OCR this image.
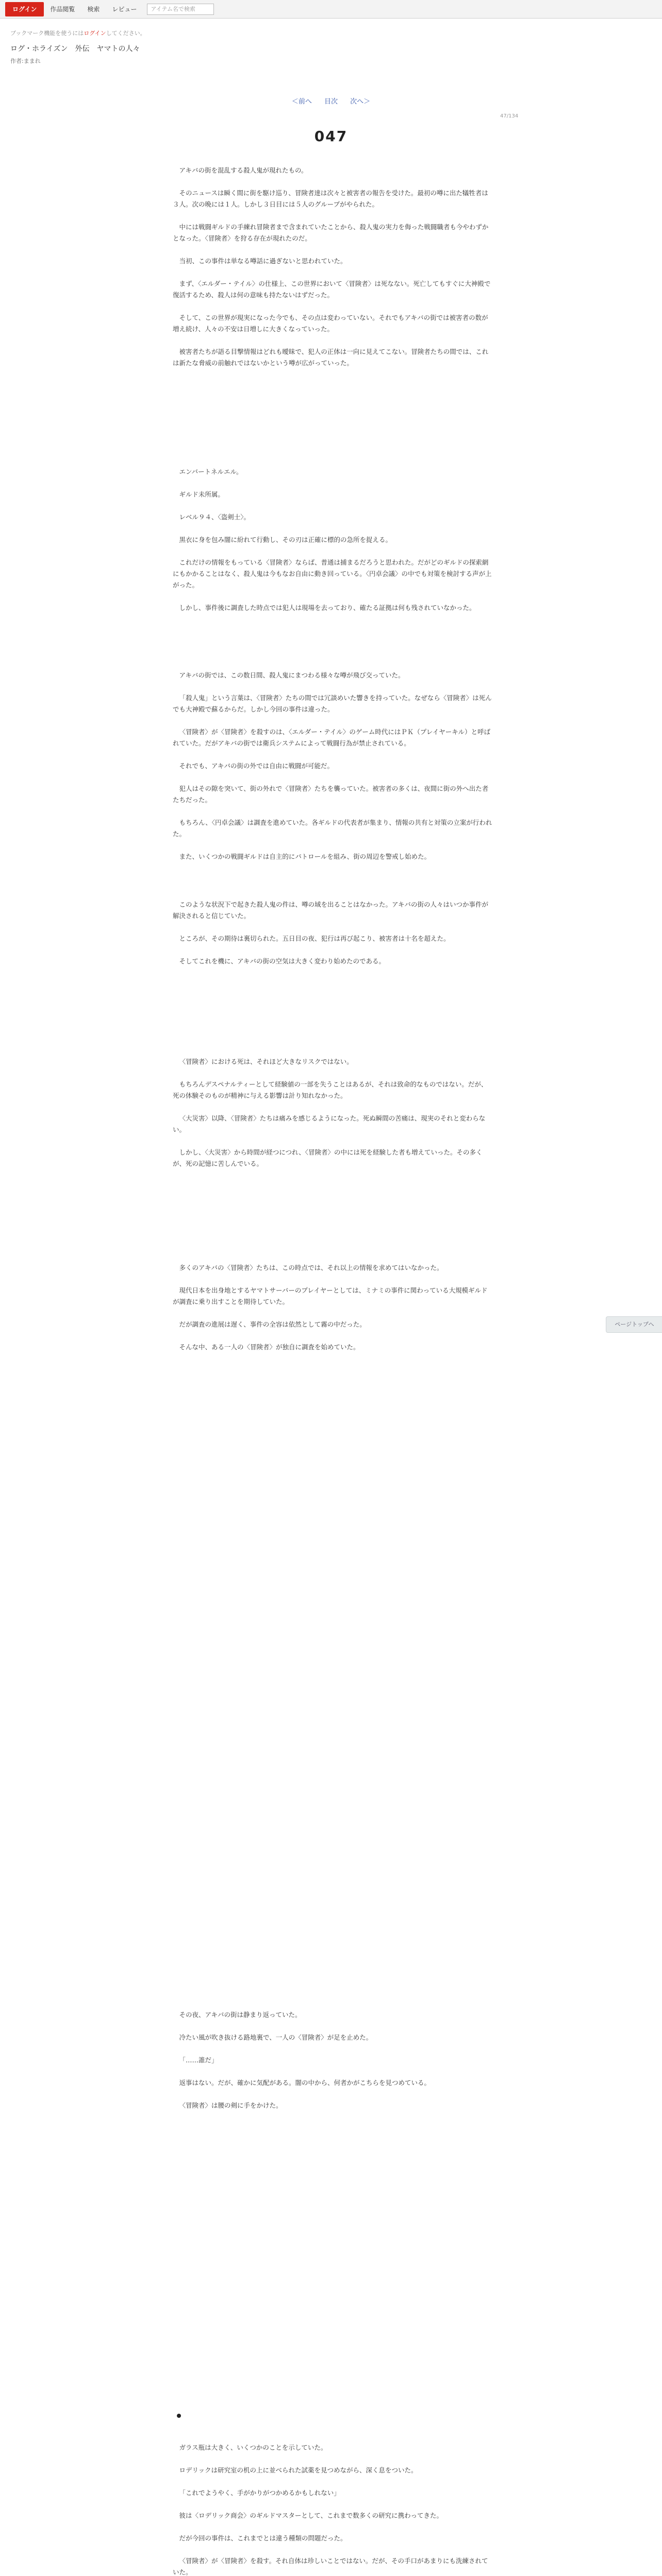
ログイン	作品閲覧	検索	レビュー	アイテム名で検索
ブックマーク機能を使うにはログインしてください。
ログ・ホライズン　外伝　ヤマトの人々
作者:ままれ
＜前へ 目次 次へ＞
47/134
047

アキバの街を混乱する殺人鬼が現れたもの。

そのニュースは瞬く間に街を駆け巡り、冒険者達は次々と被害者の報告を受けた。最初の噂に出た犠牲者は３人。次の晩には１人。しかし３日目には５人のグループがやられた。

中には戦闘ギルドの手練れ冒険者まで含まれていたことから、殺人鬼の実力を侮った戦闘職者も今やわずかとなった。〈冒険者〉を狩る存在が現れたのだ。

当初、この事件は単なる噂話に過ぎないと思われていた。

まず、〈エルダー・テイル〉の仕様上、この世界において〈冒険者〉は死なない。死亡してもすぐに大神殿で復活するため、殺人は何の意味も持たないはずだった。

そして、この世界が現実になった今でも、その点は変わっていない。それでもアキバの街では被害者の数が増え続け、人々の不安は日増しに大きくなっていった。

被害者たちが語る目撃情報はどれも曖昧で、犯人の正体は一向に見えてこない。冒険者たちの間では、これは新たな脅威の前触れではないかという噂が広がっていった。

エンバートネルエル。

ギルド未所属。

レベル９４、〈盗剣士〉。

黒衣に身を包み闇に紛れて行動し、その刃は正確に標的の急所を捉える。

これだけの情報をもっている〈冒険者〉ならば、普通は捕まるだろうと思われた。だがどのギルドの探索網にもかかることはなく、殺人鬼は今もなお自由に動き回っている。〈円卓会議〉の中でも対策を検討する声が上がった。

しかし、事件後に調査した時点では犯人は現場を去っており、確たる証拠は何も残されていなかった。

アキバの街では、この数日間、殺人鬼にまつわる様々な噂が飛び交っていた。

「殺人鬼」という言葉は、〈冒険者〉たちの間では冗談めいた響きを持っていた。なぜなら〈冒険者〉は死んでも大神殿で蘇るからだ。しかし今回の事件は違った。

〈冒険者〉が〈冒険者〉を殺すのは、〈エルダー・テイル〉のゲーム時代にはＰＫ（プレイヤーキル）と呼ばれていた。だがアキバの街では衛兵システムによって戦闘行為が禁止されている。

それでも、アキバの街の外では自由に戦闘が可能だ。

犯人はその隙を突いて、街の外れで〈冒険者〉たちを襲っていた。被害者の多くは、夜間に街の外へ出た者たちだった。

もちろん、〈円卓会議〉は調査を進めていた。各ギルドの代表者が集まり、情報の共有と対策の立案が行われた。

また、いくつかの戦闘ギルドは自主的にパトロールを組み、街の周辺を警戒し始めた。

このような状況下で起きた殺人鬼の件は、噂の域を出ることはなかった。アキバの街の人々はいつか事件が解決されると信じていた。

ところが、その期待は裏切られた。五日目の夜、犯行は再び起こり、被害者は十名を超えた。

そしてこれを機に、アキバの街の空気は大きく変わり始めたのである。

〈冒険者〉における死は、それほど大きなリスクではない。

もちろんデスペナルティーとして経験値の一部を失うことはあるが、それは致命的なものではない。だが、死の体験そのものが精神に与える影響は計り知れなかった。

〈大災害〉以降、〈冒険者〉たちは痛みを感じるようになった。死ぬ瞬間の苦痛は、現実のそれと変わらない。

しかし、〈大災害〉から時間が経つにつれ、〈冒険者〉の中には死を経験した者も増えていった。その多くが、死の記憶に苦しんでいる。

多くのアキバの〈冒険者〉たちは、この時点では、それ以上の情報を求めてはいなかった。

現代日本を出身地とするヤマトサーバーのプレイヤーとしては、ミナミの事件に関わっている大規模ギルドが調査に乗り出すことを期待していた。

だが調査の進展は遅く、事件の全容は依然として霧の中だった。

そんな中、ある一人の〈冒険者〉が独自に調査を始めていた。

ページトップへ

その夜、アキバの街は静まり返っていた。

冷たい風が吹き抜ける路地裏で、一人の〈冒険者〉が足を止めた。

「……誰だ」

返事はない。だが、確かに気配がある。闇の中から、何者かがこちらを見つめている。

〈冒険者〉は腰の剣に手をかけた。

ガラス瓶は大きく、いくつかのことを示していた。

ロデリックは研究室の机の上に並べられた試薬を見つめながら、深く息をついた。

「これでようやく、手がかりがつかめるかもしれない」

彼は〈ロデリック商会〉のギルドマスターとして、これまで数多くの研究に携わってきた。

だが今回の事件は、これまでとは違う種類の問題だった。

〈冒険者〉が〈冒険者〉を殺す。それ自体は珍しいことではない。だが、その手口があまりにも洗練されていた。
